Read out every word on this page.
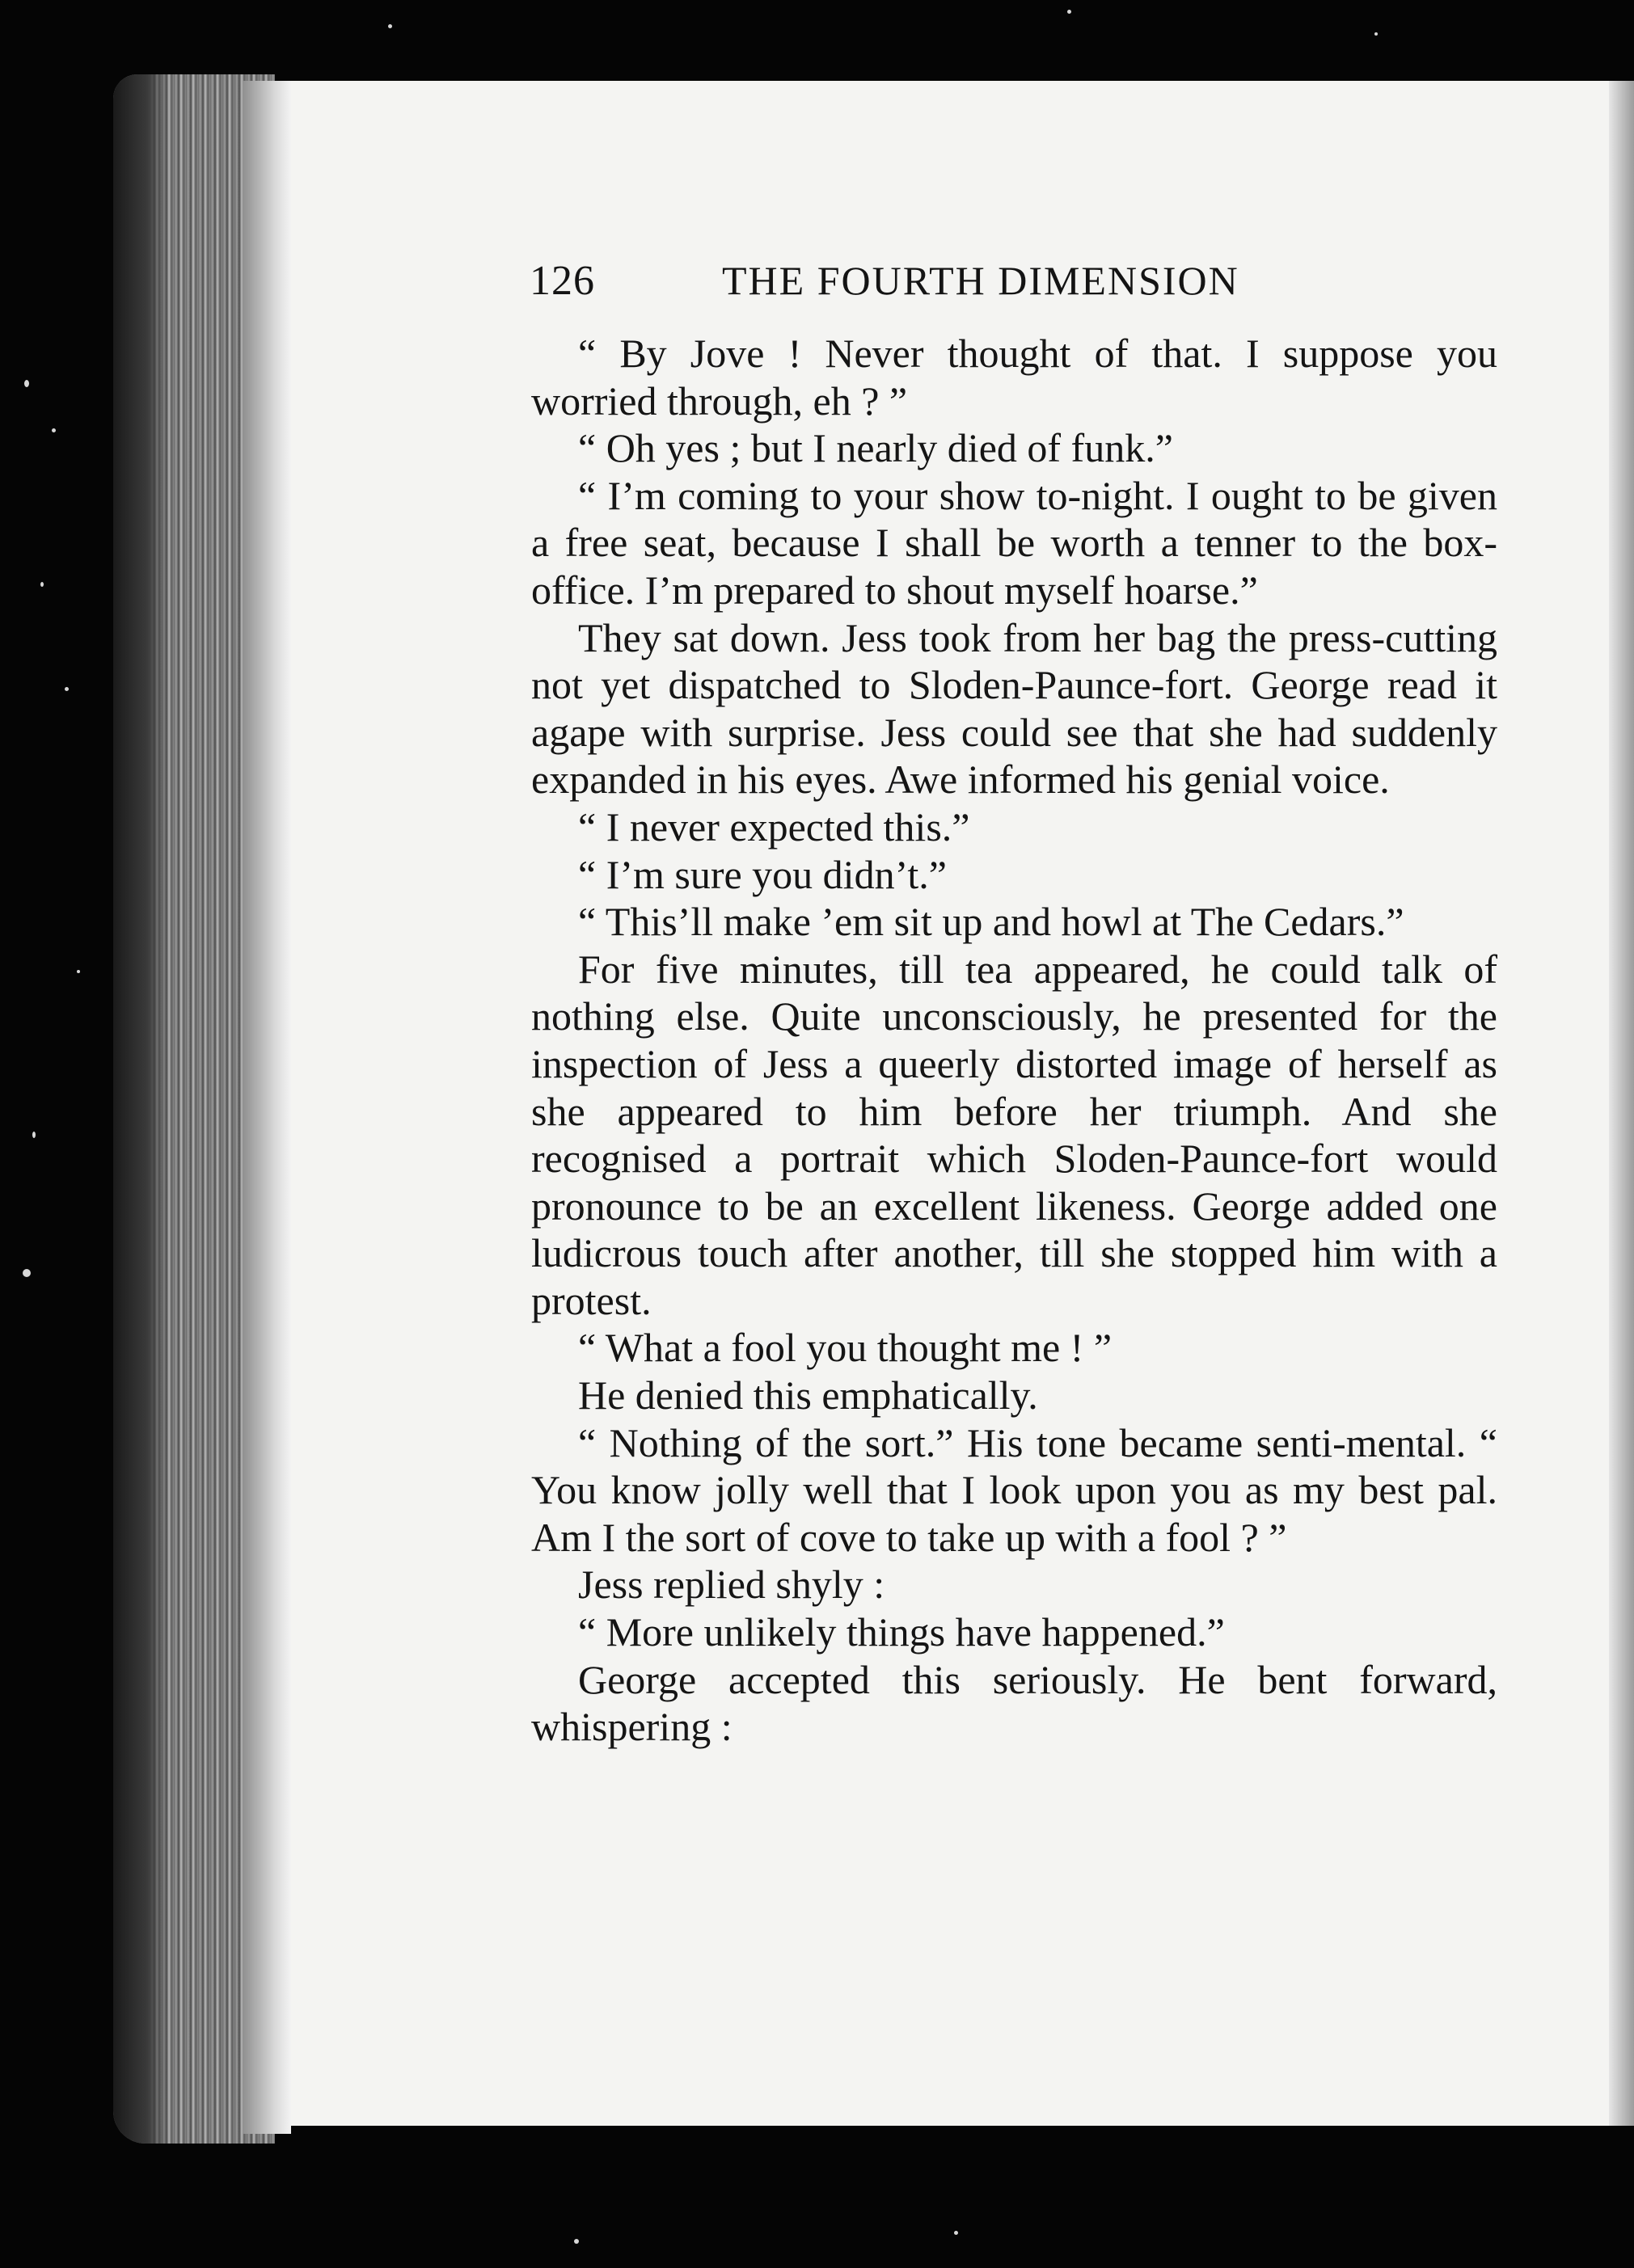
126	THE FOURTH DIMENSION

“ By Jove ! Never thought of that. I suppose you worried through, eh ? ”

“ Oh yes ; but I nearly died of funk.”

“ I’m coming to your show to-night. I ought to be given a free seat, because I shall be worth a tenner to the box-office. I’m prepared to shout myself hoarse.”

They sat down. Jess took from her bag the press-cutting not yet dispatched to Sloden-Paunce-fort. George read it agape with surprise. Jess could see that she had suddenly expanded in his eyes. Awe informed his genial voice.

“ I never expected this.”

“ I’m sure you didn’t.”

“ This’ll make ’em sit up and howl at The Cedars.”

For five minutes, till tea appeared, he could talk of nothing else. Quite unconsciously, he presented for the inspection of Jess a queerly distorted image of herself as she appeared to him before her triumph. And she recognised a portrait which Sloden-Paunce-fort would pronounce to be an excellent likeness. George added one ludicrous touch after another, till she stopped him with a protest.

“ What a fool you thought me ! ”

He denied this emphatically.

“ Nothing of the sort.” His tone became senti-mental. “ You know jolly well that I look upon you as my best pal. Am I the sort of cove to take up with a fool ? ”

Jess replied shyly :

“ More unlikely things have happened.”

George accepted this seriously. He bent forward, whispering :
